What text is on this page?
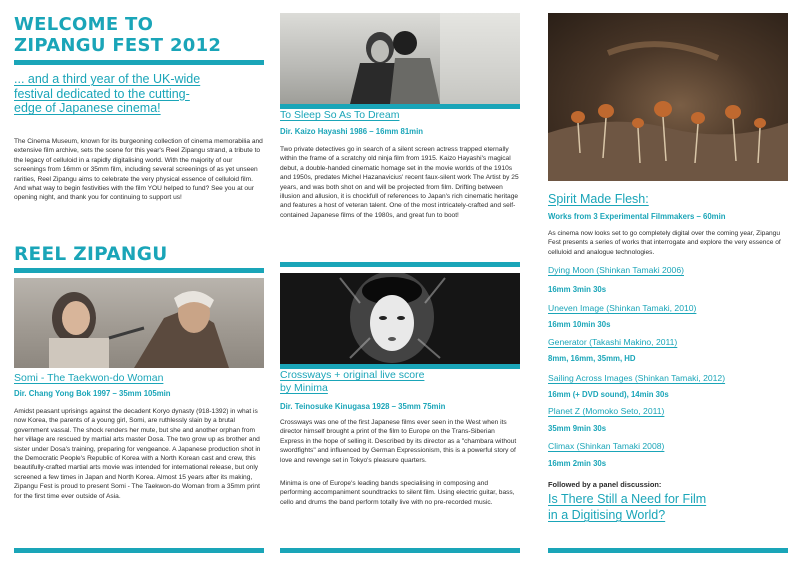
WELCOME TO
ZIPANGU FEST 2012
... and a third year of the UK-wide
festival dedicated to the cutting-
edge of Japanese cinema!

The Cinema Museum, known for its burgeoning collection of cinema memorabilia and extensive film archive, sets the scene for this year's Reel Zipangu strand, a tribute to the legacy of celluloid in a rapidly digitalising world. With the majority of our screenings from 16mm or 35mm film, including several screenings of as yet unseen rarities, Reel Zipangu aims to celebrate the very physical essence of celluloid film. And what way to begin festivities with the film YOU helped to fund? See you at our opening night, and thank you for continuing to support us!

REEL ZIPANGU
Somi - The Taekwon-do Woman
Dir. Chang Yong Bok 1997 – 35mm 105min

Amidst peasant uprisings against the decadent Koryo dynasty (918-1392) in what is now Korea, the parents of a young girl, Somi, are ruthlessly slain by a brutal government vassal. The shock renders her mute, but she and another orphan from her village are rescued by martial arts master Dosa. The two grow up as brother and sister under Dosa's training, preparing for vengeance. A Japanese production shot in the Democratic People's Republic of Korea with a North Korean cast and crew, this beautifully-crafted martial arts movie was intended for international release, but only screened a few times in Japan and North Korea. Almost 15 years after its making, Zipangu Fest is proud to present Somi - The Taekwon-do Woman from a 35mm print for the first time ever outside of Asia.

To Sleep So As To Dream
Dir. Kaizo Hayashi 1986 – 16mm 81min

Two private detectives go in search of a silent screen actress trapped eternally within the frame of a scratchy old ninja film from 1915. Kaizo Hayashi's magical debut, a double-handed cinematic homage set in the movie worlds of the 1910s and 1950s, predates Michel Hazanavicius' recent faux-silent work The Artist by 25 years, and was both shot on and will be projected from film. Drifting between illusion and allusion, it is chockfull of references to Japan's rich cinematic heritage and features a host of veteran talent. One of the most intricately-crafted and self-contained Japanese films of the 1980s, and great fun to boot!

Crossways + original live score
by Minima
Dir. Teinosuke Kinugasa 1928 – 35mm 75min

Crossways was one of the first Japanese films ever seen in the West when its director himself brought a print of the film to Europe on the Trans-Siberian Express in the hope of selling it. Described by its director as a "chambara without swordfights" and influenced by German Expressionism, this is a powerful story of love and revenge set in Tokyo's pleasure quarters.

Minima is one of Europe's leading bands specialising in composing and performing accompaniment soundtracks to silent film. Using electric guitar, bass, cello and drums the band perform totally live with no pre-recorded music.

Spirit Made Flesh:
Works from 3 Experimental Filmmakers – 60min

As cinema now looks set to go completely digital over the coming year, Zipangu Fest presents a series of works that interrogate and explore the very essence of celluloid and analogue technologies.

Dying Moon (Shinkan Tamaki 2006)
16mm 3min 30s
Uneven Image (Shinkan Tamaki, 2010)
16mm 10min 30s
Generator (Takashi Makino, 2011)
8mm, 16mm, 35mm, HD
Sailing Across Images (Shinkan Tamaki, 2012)
16mm (+ DVD sound), 14min 30s
Planet Z (Momoko Seto, 2011)
35mm 9min 30s
Climax (Shinkan Tamaki 2008)
16mm 2min 30s
Followed by a panel discussion:
Is There Still a Need for Film
in a Digitising World?
